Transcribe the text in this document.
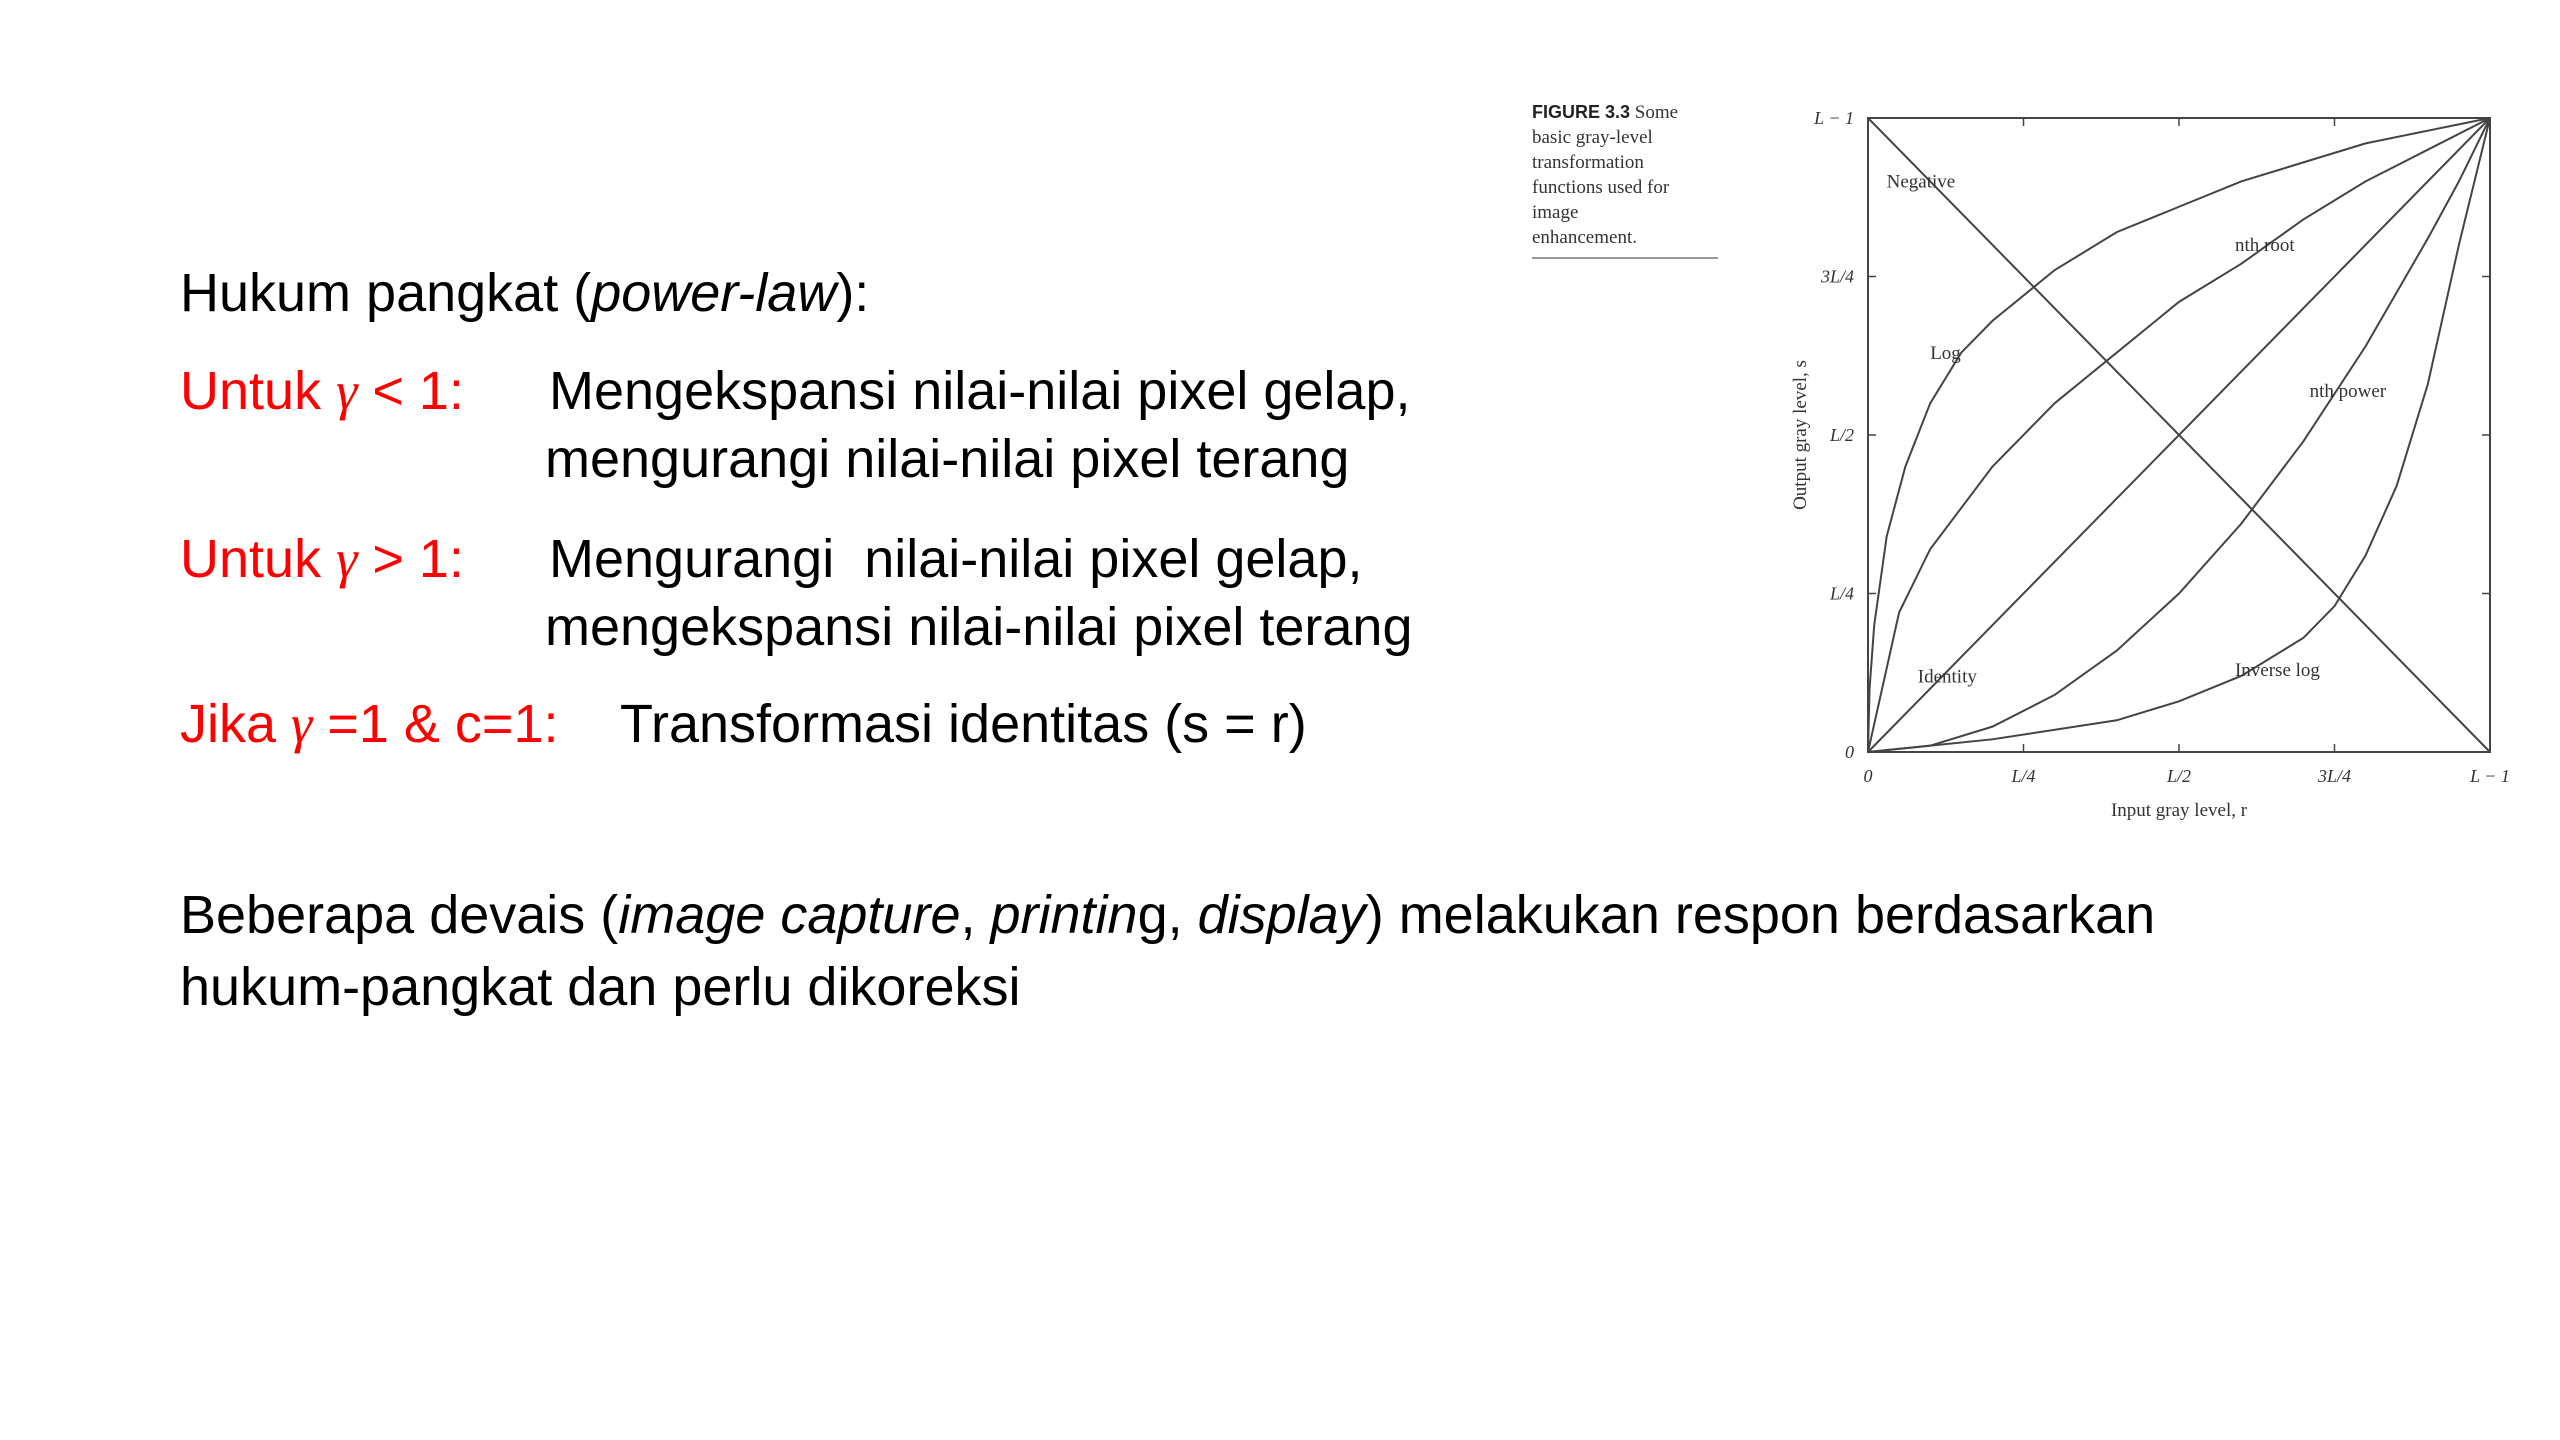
Hukum pangkat (power-law):
Untuk γ < 1: Mengekspansi nilai-nilai pixel gelap,
mengurangi nilai-nilai pixel terang
Untuk γ > 1: Mengurangi  nilai-nilai pixel gelap,
mengekspansi nilai-nilai pixel terang
Jika γ =1 & c=1: Transformasi identitas (s = r)
Beberapa devais (image capture, printing, display) melakukan respon berdasarkan
hukum-pangkat dan perlu dikoreksi
FIGURE 3.3 Some
basic gray-level
transformation
functions used for
image
enhancement.
0	L/4	L/2	3L/4	L − 1
0
L/4
L/2
3L/4
L − 1
Input gray level, r
Output gray level, s
Negative
Log
nth root
Identity
nth power
Inverse log
